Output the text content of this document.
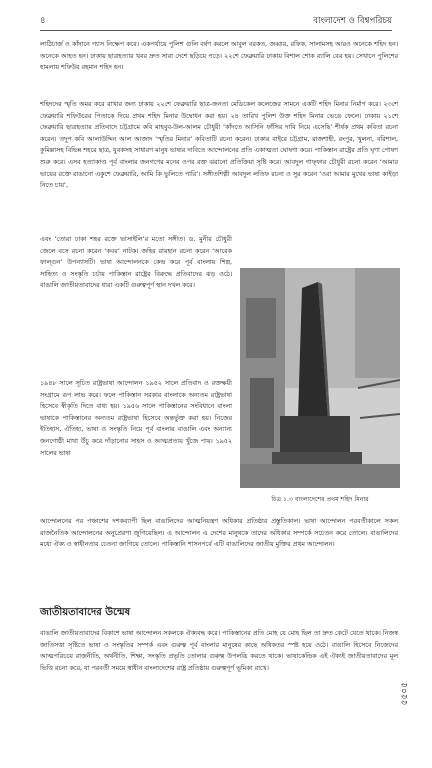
৪	বাংলাদেশ ও বিশ্বপরিচয়

লাঠিচার্জ ও কাঁদানে গ্যাস নিক্ষেপ করে। একপর্যায়ে পুলিশ গুলি বর্ষণ করলে আবুল বরকত, জব্বার, রফিক, সালামসহ আরও অনেকে শহিদ হন। অনেকে আহত হন। ঢাকায় ছাত্রহত্যার খবর দ্রুত সারা দেশে ছড়িয়ে পড়ে। ২২শে ফেব্রুয়ারি ঢাকায় বিশাল শোক র‍্যালি বের হয়। সেখানে পুলিশের হামলায় শফিউর রহমান শহিদ হন।

শহিদদের স্মৃতি অমর করে রাখার জন্য ঢাকায় ২২শে ফেব্রুয়ারি ছাত্র-জনতা মেডিকেল কলেজের সামনে একটি শহিদ মিনার নির্মাণ করে। ২৩শে ফেব্রুয়ারি শফিউরের পিতাকে দিয়ে প্রথম শহিদ মিনার উদ্বোধন করা হয়। ২৪ তারিখ পুলিশ উক্ত শহিদ মিনার ভেঙে ফেলে। ঢাকায় ২১শে ফেব্রুয়ারি ছাত্রহত্যার প্রতিবাদে চট্টগ্রামে কবি মাহবুব-উল-আলম চৌধুরী ‘কাঁদতে আসিনি ফাঁসির দাবি নিয়ে এসেছি’ শীর্ষক প্রথম কবিতা রচনা করেন। তদুপ কবি আলাউদ্দিন আল আজাদ ‘স্মৃতির মিনার’ কবিতাটি রচনা করেন। ঢাকার বাইরে চট্টগ্রাম, রাজশাহী, রংপুর, খুলনা, বরিশাল, কুমিল্লাসহ বিভিন্ন শহরে ছাত্র, যুবকসহ সাধারণ মানুষ ভাষার দাবিতে আন্দোলনের প্রতি একাত্মতা ঘোষণা করে। পাকিস্তান রাষ্ট্রের প্রতি ঘৃণা পোষণ শুরু করে। এসব হত্যাকাণ্ড পূর্ব বাংলার জনগণের মনের ওপর রক্ত ঝরানো প্রতিক্রিয়া সৃষ্টি করে। আবদুল গাফ্ফার চৌধুরী রচনা করেন ‘আমার ভায়ের রক্তে রাঙানো একুশে ফেব্রুয়ারি, আমি কি ভুলিতে পারি’। সঙ্গীতশিল্পী আবদুল লতিফ রচনা ও সুর করেন ‘ওরা আমার মুখের ভাষা কাইড়া নিতে চায়’,

এবং ‘তোরা ঢাকা শহর রক্তে ভাসাইলি’র মতো সঙ্গীত। ড. মুনীর চৌধুরী জেলে বসে রচনা করেন ‘কবর’ নাটক। জহির রায়হান রচনা করেন ‘আরেক ফাল্গুন’ উপন্যাসটি। ভাষা আন্দোলনকে কেন্দ্র করে পূর্ব বাংলায় শিল্প, সাহিত্য ও সংস্কৃতি চর্চায় পাকিস্তান রাষ্ট্রের বিরুদ্ধে প্রতিবাদের ঝড় ওঠে। বাঙালি জাতীয়তাবাদের ধারা একটি গুরুত্বপূর্ণ স্থান দখল করে।

১৯৪৮ সালে সূচিত রাষ্ট্রভাষা আন্দোলন ১৯৫২ সালে প্রতিবাদ ও রক্তক্ষয়ী সংগ্রামে রূপ লাভ করে। ফলে পাকিস্তান সরকার বাংলাকে অন্যতম রাষ্ট্রভাষা হিসেবে স্বীকৃতি দিতে বাধ্য হয়। ১৯৫৬ সালে পাকিস্তানের সংবিধানে বাংলা ভাষাকে পাকিস্তানের অন্যতম রাষ্ট্রভাষা হিসেবে অন্তর্ভুক্ত করা হয়। নিজের ইতিহাস, ঐতিহ্য, ভাষা ও সংস্কৃতি নিয়ে পূর্ব বাংলার বাঙালি এবং অন্যান্য জনগোষ্ঠী মাথা উঁচু করে দাঁড়ানোর সাহস ও আত্মপ্রত্যয় খুঁজে পায়। ১৯৫২ সালের ভাষা

চিত্র ১.৩ বাংলাদেশের প্রথম শহিদ মিনার

আন্দোলনের পর পঞ্চাশের দশকব্যাপী ছিল বাঙালিদের আত্মনিয়ন্ত্রণ অধিকার প্রতিষ্ঠার প্রস্তুতিকাল। ভাষা আন্দোলন পরবর্তীকালে সকল রাজনৈতিক আন্দোলনের অনুপ্রেরণা জুগিয়েছিল। এ আন্দোলন এ দেশের মানুষকে তাদের অধিকার সম্পর্কে সচেতন করে তোলে। বাঙালিদের মধ্যে ঐক্য ও স্বাধীনতার চেতনা জাগিয়ে তোলে। পাকিস্তানি শাসনপর্বে এটি বাঙালিদের জাতীয় মুক্তির প্রথম আন্দোলন।

জাতীয়তাবাদের উন্মেষ

বাঙালি জাতীয়তাবাদের বিকাশে ভাষা আন্দোলন সকলকে ঐক্যবদ্ধ করে। পাকিস্তানের প্রতি মোহ যে মোহ ছিল তা দ্রুত কেটে যেতে থাকে। নিজস্ব জাতিসত্তা সৃষ্টিতে ভাষা ও সংস্কৃতির সম্পর্ক এবং গুরুত্ব পূর্ব বাংলার মানুষের কাছে অধিকতর স্পষ্ট হয়ে ওঠে। বাঙালি হিসেবে নিজেদের আত্মপরিচয়ে রাজনীতি, অর্থনীতি, শিক্ষা, সংস্কৃতি প্রভৃতি তোলার গুরুত্ব উপলব্ধি করতে থাকে। ভাষাকেন্দ্রিক এই ঐক্যই জাতীয়তাবাদের মূল ভিত্তি রচনা করে, যা পরবর্তী সময়ে স্বাধীন বাংলাদেশের রাষ্ট্র প্রতিষ্ঠায় গুরুত্বপূর্ণ ভূমিকা রাখে।

৫৫০৫
